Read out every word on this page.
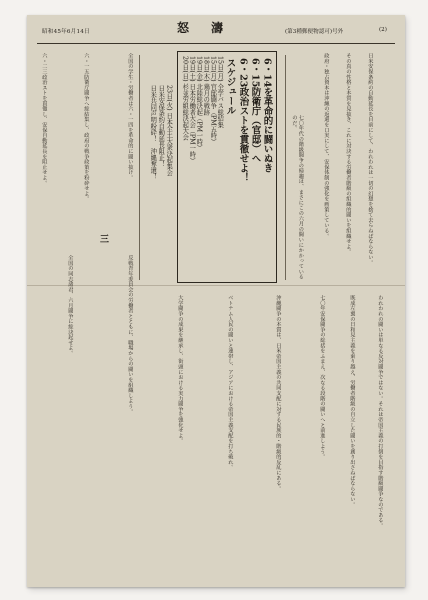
昭和45年6月14日	怒　濤	(第3種郵便物認可)号外	(2)
日米安保条約の自動延長を目前にして、われわれは一切の幻想を捨て去らねばならない。
その真の性格と本質を見抜き、これに対決する労働者階級の組織的闘いを組織せよ。
政府・独占資本は沖縄の返還を口実にして、安保体制の強化を画策している。
七〇年代の階級闘争の帰趨は、まさにこの六月の闘いにかかっているのだ。
6・14を革命的に闘いぬき
6・15防衛庁（官邸）へ
6・23政治ストを貫徹せよ！
スケジュール
15日(月) 全学バス総結集
15日(月) 官邸闘争（PM五時）
18日(木) 鶏月の戦跡
19日(金) 北陸総決起（PM一時）
19日(土) 日本労働者大会（PM一時）
20日(日) 杉並労組総決起大会
23日(火) 日本全土大衆決起集会
日米安保条約自動延長阻止！
日米共同声明粉砕！　沖縄奪還！
全国の学生・労働者は六・一四を革命的に闘い抜け。
六・一五防衛庁闘争へ総結集し、政府の戦争政策を粉砕せよ。
六・二三政治ストを貫徹し、安保自動延長を阻止せよ。
三
われわれの闘いは単なる反対闘争ではない。それは帝国主義の打倒を目指す階級闘争なのである。
既成左翼の日和見主義を乗り越え、労働者階級の自立した闘いを創り出さねばならない。
七〇年安保闘争の総括をふまえ、次なる段階の闘いへと前進しよう。
沖縄闘争の本質は、日米帝国主義の共同支配に対する民族的・階級的反乱にある。
ベトナム人民の闘いと連帯し、アジアにおける帝国主義支配を打ち破れ。
大学闘争の成果を継承し、街頭における実力闘争を強化せよ。
反戦青年委員会の労働者とともに、職場からの闘いを組織しよう。
全国の同志諸君、六月闘争に総決起せよ。
